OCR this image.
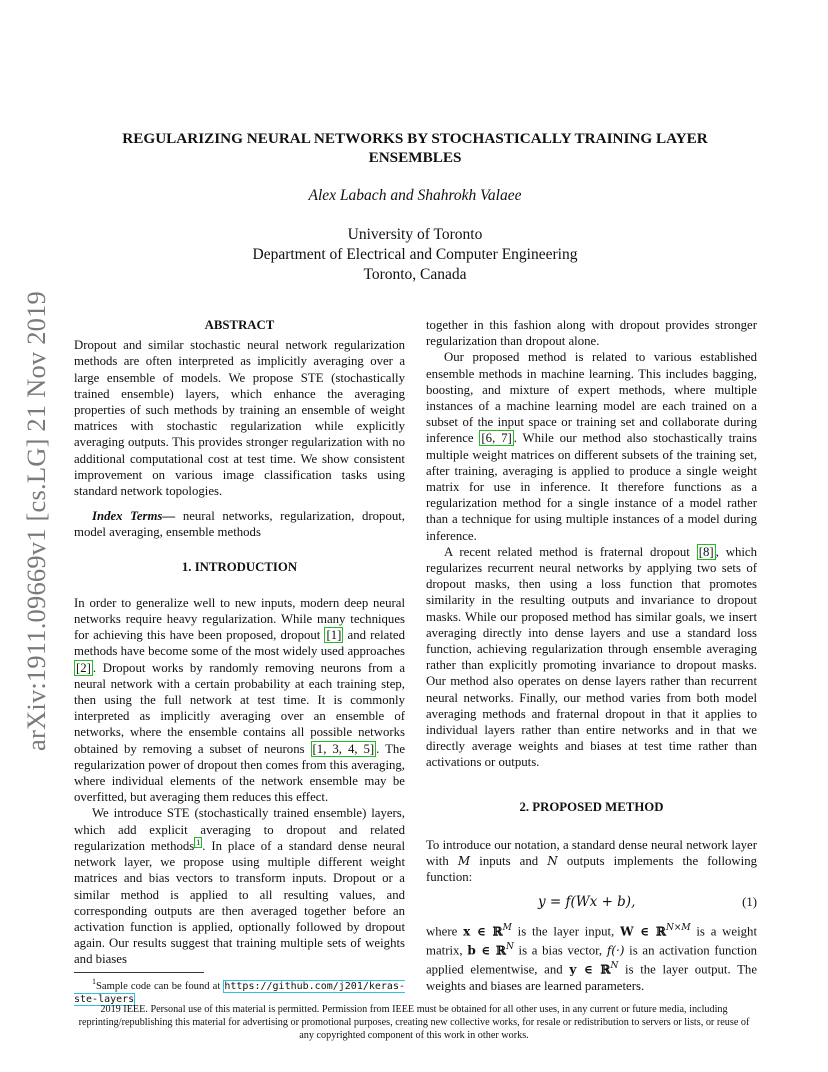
arXiv:1911.09669v1 [cs.LG] 21 Nov 2019
REGULARIZING NEURAL NETWORKS BY STOCHASTICALLY TRAINING LAYER ENSEMBLES
Alex Labach and Shahrokh Valaee
University of Toronto
Department of Electrical and Computer Engineering
Toronto, Canada

ABSTRACT

Dropout and similar stochastic neural network regularization methods are often interpreted as implicitly averaging over a large ensemble of models. We propose STE (stochastically trained ensemble) layers, which enhance the averaging properties of such methods by training an ensemble of weight matrices with stochastic regularization while explicitly averaging outputs. This provides stronger regularization with no additional computational cost at test time. We show consistent improvement on various image classification tasks using standard network topologies.

Index Terms— neural networks, regularization, dropout, model averaging, ensemble methods

1. INTRODUCTION

In order to generalize well to new inputs, modern deep neural networks require heavy regularization. While many techniques for achieving this have been proposed, dropout [1] and related methods have become some of the most widely used approaches [2] . Dropout works by randomly removing neurons from a neural network with a certain probability at each training step, then using the full network at test time. It is commonly interpreted as implicitly averaging over an ensemble of networks, where the ensemble contains all possible networks obtained by removing a subset of neurons [1, 3, 4, 5] . The regularization power of dropout then comes from this averaging, where individual elements of the network ensemble may be overfitted, but averaging them reduces this effect.

We introduce STE (stochastically trained ensemble) layers, which add explicit averaging to dropout and related regularization methods $^1$ . In place of a standard dense neural network layer, we propose using multiple different weight matrices and bias vectors to transform inputs. Dropout or a similar method is applied to all resulting values, and corresponding outputs are then averaged together before an activation function is applied, optionally followed by dropout again. Our results suggest that training multiple sets of weights and biases

$^1$Sample code can be found at https://github.com/j201/keras-ste-layers

together in this fashion along with dropout provides stronger regularization than dropout alone.

Our proposed method is related to various established ensemble methods in machine learning. This includes bagging, boosting, and mixture of expert methods, where multiple instances of a machine learning model are each trained on a subset of the input space or training set and collaborate during inference [6, 7] . While our method also stochastically trains multiple weight matrices on different subsets of the training set, after training, averaging is applied to produce a single weight matrix for use in inference. It therefore functions as a regularization method for a single instance of a model rather than a technique for using multiple instances of a model during inference.

A recent related method is fraternal dropout [8] , which regularizes recurrent neural networks by applying two sets of dropout masks, then using a loss function that promotes similarity in the resulting outputs and invariance to dropout masks. While our proposed method has similar goals, we insert averaging directly into dense layers and use a standard loss function, achieving regularization through ensemble averaging rather than explicitly promoting invariance to dropout masks. Our method also operates on dense layers rather than recurrent neural networks. Finally, our method varies from both model averaging methods and fraternal dropout in that it applies to individual layers rather than entire networks and in that we directly average weights and biases at test time rather than activations or outputs.

2. PROPOSED METHOD

To introduce our notation, a standard dense neural network layer with M inputs and N outputs implements the following function:

y = f(Wx + b),	(1)

where x ∈ ℝ$^M$ is the layer input, W ∈ ℝ$^{N\times M}$ is a weight matrix, b ∈ ℝ$^N$ is a bias vector, f(·) is an activation function applied elementwise, and y ∈ ℝ$^N$ is the layer output. The weights and biases are learned parameters.

2019 IEEE. Personal use of this material is permitted. Permission from IEEE must be obtained for all other uses, in any current or future media, including reprinting/republishing this material for advertising or promotional purposes, creating new collective works, for resale or redistribution to servers or lists, or reuse of any copyrighted component of this work in other works.
